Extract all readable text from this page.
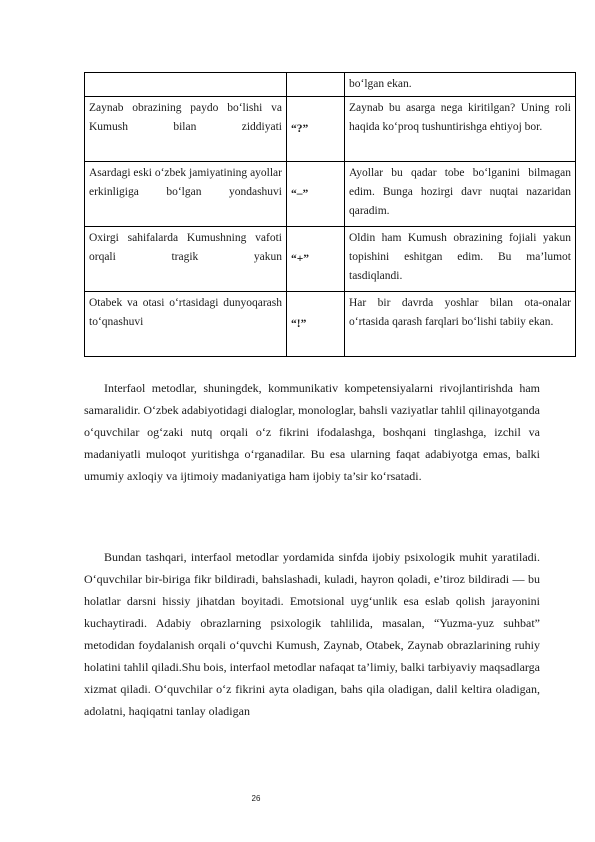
		bo‘lgan ekan.
Zaynab obrazining paydo bo‘lishi va Kumush bilan ziddiyati	“?”	Zaynab bu asarga nega kiritilgan? Uning roli haqida ko‘proq tushuntirishga ehtiyoj bor.
Asardagi eski o‘zbek jamiyatining ayollar erkinligiga bo‘lgan yondashuvi	“–”	Ayollar bu qadar tobe bo‘lganini bilmagan edim. Bunga hozirgi davr nuqtai nazaridan qaradim.
Oxirgi sahifalarda Kumushning vafoti orqali tragik yakun	“+”	Oldin ham Kumush obrazining fojiali yakun topishini eshitgan edim. Bu ma’lumot tasdiqlandi.
Otabek va otasi o‘rtasidagi dunyoqarash to‘qnashuvi	“!”	Har bir davrda yoshlar bilan ota-onalar o‘rtasida qarash farqlari bo‘lishi tabiiy ekan.

Interfaol metodlar, shuningdek, kommunikativ kompetensiyalarni rivojlantirishda ham samaralidir. O‘zbek adabiyotidagi dialoglar, monologlar, bahsli vaziyatlar tahlil qilinayotganda o‘quvchilar og‘zaki nutq orqali o‘z fikrini ifodalashga, boshqani tinglashga, izchil va madaniyatli muloqot yuritishga o‘rganadilar. Bu esa ularning faqat adabiyotga emas, balki umumiy axloqiy va ijtimoiy madaniyatiga ham ijobiy ta’sir ko‘rsatadi.

Bundan tashqari, interfaol metodlar yordamida sinfda ijobiy psixologik muhit yaratiladi. O‘quvchilar bir-biriga fikr bildiradi, bahslashadi, kuladi, hayron qoladi, e’tiroz bildiradi — bu holatlar darsni hissiy jihatdan boyitadi. Emotsional uyg‘unlik esa eslab qolish jarayonini kuchaytiradi. Adabiy obrazlarning psixologik tahlilida, masalan, “Yuzma-yuz suhbat” metodidan foydalanish orqali o‘quvchi Kumush, Zaynab, Otabek, Zaynab obrazlarining ruhiy holatini tahlil qiladi.Shu bois, interfaol metodlar nafaqat ta’limiy, balki tarbiyaviy maqsadlarga xizmat qiladi. O‘quvchilar o‘z fikrini ayta oladigan, bahs qila oladigan, dalil keltira oladigan, adolatni, haqiqatni tanlay oladigan

26
